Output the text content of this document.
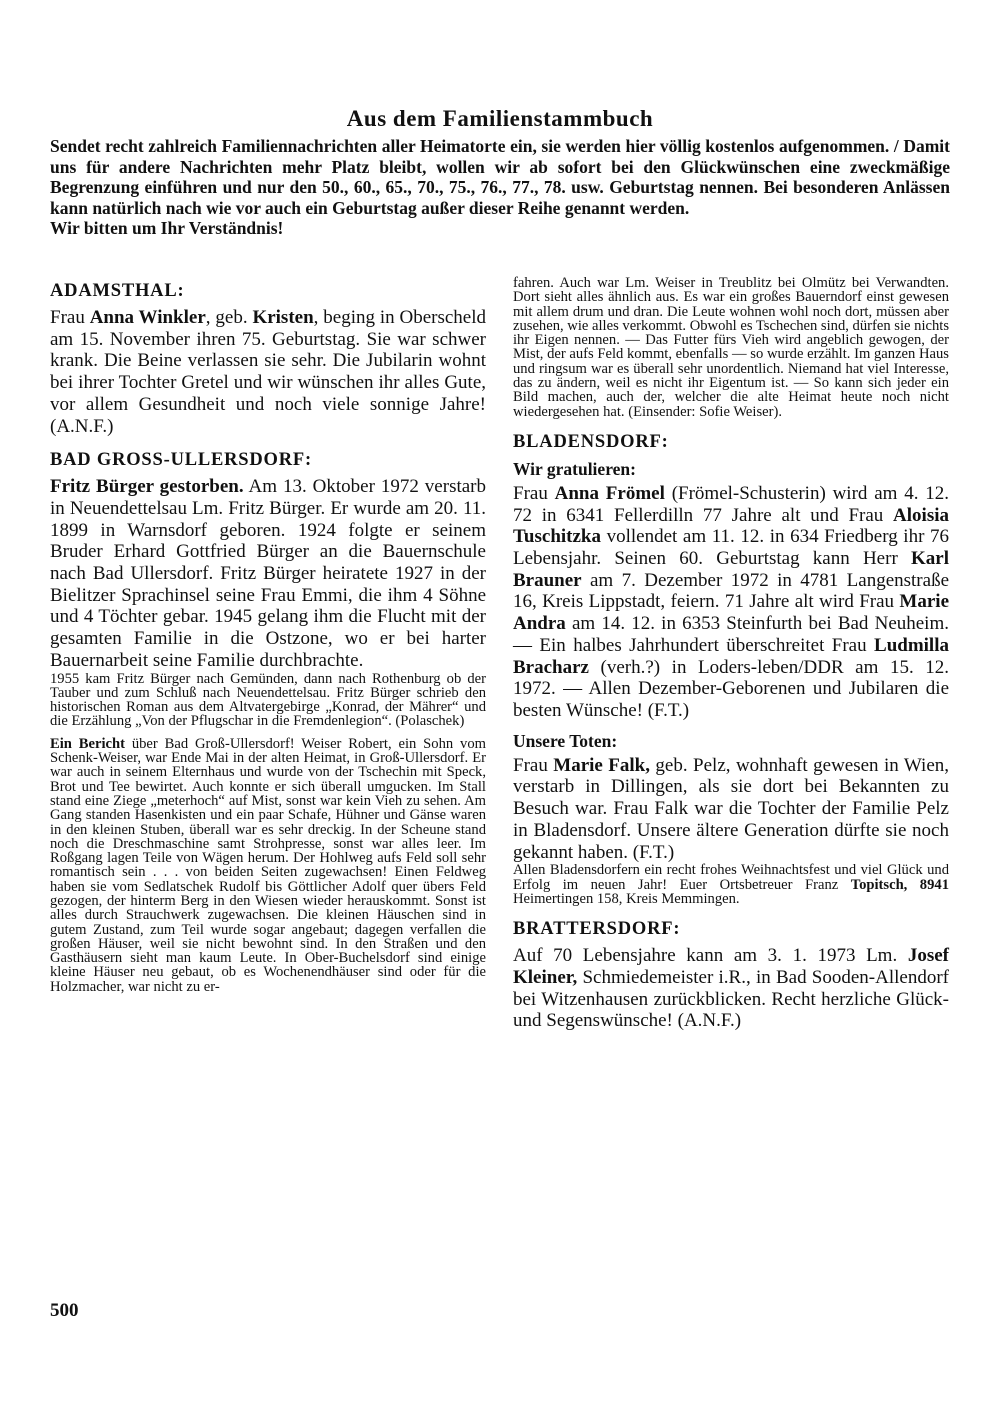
Aus dem Familienstammbuch
Sendet recht zahlreich Familiennachrichten aller Heimatorte ein, sie werden hier völlig kostenlos aufgenommen. / Damit uns für andere Nachrichten mehr Platz bleibt, wollen wir ab sofort bei den Glückwünschen eine zweckmäßige Begrenzung einführen und nur den 50., 60., 65., 70., 75., 76., 77., 78. usw. Geburtstag nennen. Bei besonderen Anlässen kann natürlich nach wie vor auch ein Geburtstag außer dieser Reihe genannt werden.
Wir bitten um Ihr Verständnis!
ADAMSTHAL:

Frau Anna Winkler, geb. Kristen, beging in Oberscheld am 15. November ihren 75. Geburtstag. Sie war schwer krank. Die Beine verlassen sie sehr. Die Jubilarin wohnt bei ihrer Tochter Gretel und wir wünschen ihr alles Gute, vor allem Gesundheit und noch viele sonnige Jahre! (A.N.F.)

BAD GROSS-ULLERSDORF:

Fritz Bürger gestorben. Am 13. Oktober 1972 verstarb in Neuendettelsau Lm. Fritz Bürger. Er wurde am 20. 11. 1899 in Warnsdorf geboren. 1924 folgte er seinem Bruder Erhard Gottfried Bürger an die Bauernschule nach Bad Ullersdorf. Fritz Bürger heiratete 1927 in der Bielitzer Sprachinsel seine Frau Emmi, die ihm 4 Söhne und 4 Töchter gebar. 1945 gelang ihm die Flucht mit der gesamten Familie in die Ostzone, wo er bei harter Bauernarbeit seine Familie durchbrachte.

1955 kam Fritz Bürger nach Gemünden, dann nach Rothenburg ob der Tauber und zum Schluß nach Neuendettelsau. Fritz Bürger schrieb den historischen Roman aus dem Altvatergebirge „Konrad, der Mährer“ und die Erzählung „Von der Pflugschar in die Fremdenlegion“. (Polaschek)

Ein Bericht über Bad Groß-Ullersdorf! Weiser Robert, ein Sohn vom Schenk-Weiser, war Ende Mai in der alten Heimat, in Groß-Ullersdorf. Er war auch in seinem Elternhaus und wurde von der Tschechin mit Speck, Brot und Tee bewirtet. Auch konnte er sich überall umgucken. Im Stall stand eine Ziege „meterhoch“ auf Mist, sonst war kein Vieh zu sehen. Am Gang standen Hasenkisten und ein paar Schafe, Hühner und Gänse waren in den kleinen Stuben, überall war es sehr dreckig. In der Scheune stand noch die Dreschmaschine samt Strohpresse, sonst war alles leer. Im Roßgang lagen Teile von Wägen herum. Der Hohlweg aufs Feld soll sehr romantisch sein . . . von beiden Seiten zugewachsen! Einen Feldweg haben sie vom Sedlatschek Rudolf bis Göttlicher Adolf quer übers Feld gezogen, der hinterm Berg in den Wiesen wieder herauskommt. Sonst ist alles durch Strauchwerk zugewachsen. Die kleinen Häuschen sind in gutem Zustand, zum Teil wurde sogar angebaut; dagegen verfallen die großen Häuser, weil sie nicht bewohnt sind. In den Straßen und den Gasthäusern sieht man kaum Leute. In Ober-Buchelsdorf sind einige kleine Häuser neu gebaut, ob es Wochenendhäuser sind oder für die Holzmacher, war nicht zu er-

fahren. Auch war Lm. Weiser in Treublitz bei Olmütz bei Verwandten. Dort sieht alles ähnlich aus. Es war ein großes Bauerndorf einst gewesen mit allem drum und dran. Die Leute wohnen wohl noch dort, müssen aber zusehen, wie alles verkommt. Obwohl es Tschechen sind, dürfen sie nichts ihr Eigen nennen. — Das Futter fürs Vieh wird angeblich gewogen, der Mist, der aufs Feld kommt, ebenfalls — so wurde erzählt. Im ganzen Haus und ringsum war es überall sehr unordentlich. Niemand hat viel Interesse, das zu ändern, weil es nicht ihr Eigentum ist. — So kann sich jeder ein Bild machen, auch der, welcher die alte Heimat heute noch nicht wiedergesehen hat. (Einsender: Sofie Weiser).

BLADENSDORF:
Wir gratulieren:

Frau Anna Frömel (Frömel-Schusterin) wird am 4. 12. 72 in 6341 Fellerdilln 77 Jahre alt und Frau Aloisia Tuschitzka vollendet am 11. 12. in 634 Friedberg ihr 76 Lebensjahr. Seinen 60. Geburtstag kann Herr Karl Brauner am 7. Dezember 1972 in 4781 Langenstraße 16, Kreis Lippstadt, feiern. 71 Jahre alt wird Frau Marie Andra am 14. 12. in 6353 Steinfurth bei Bad Neuheim. — Ein halbes Jahrhundert überschreitet Frau Ludmilla Bracharz (verh.?) in Loders-leben/DDR am 15. 12. 1972. — Allen Dezember-Geborenen und Jubilaren die besten Wünsche! (F.T.)

Unsere Toten:

Frau Marie Falk, geb. Pelz, wohnhaft gewesen in Wien, verstarb in Dillingen, als sie dort bei Bekannten zu Besuch war. Frau Falk war die Tochter der Familie Pelz in Bladensdorf. Unsere ältere Generation dürfte sie noch gekannt haben. (F.T.)

Allen Bladensdorfern ein recht frohes Weihnachtsfest und viel Glück und Erfolg im neuen Jahr! Euer Ortsbetreuer Franz Topitsch, 8941 Heimertingen 158, Kreis Memmingen.

BRATTERSDORF:

Auf 70 Lebensjahre kann am 3. 1. 1973 Lm. Josef Kleiner, Schmiedemeister i.R., in Bad Sooden-Allendorf bei Witzenhausen zurückblicken. Recht herzliche Glück- und Segenswünsche! (A.N.F.)

500
